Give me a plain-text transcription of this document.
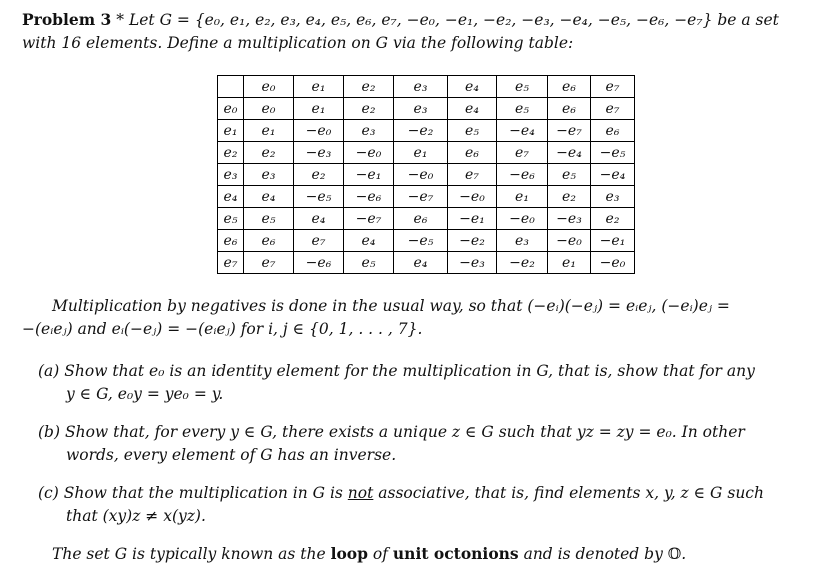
Problem 3 * Let G = {e₀, e₁, e₂, e₃, e₄, e₅, e₆, e₇, −e₀, −e₁, −e₂, −e₃, −e₄, −e₅, −e₆, −e₇} be a set
with 16 elements. Define a multiplication on G via the following table:
	e₀	e₁	e₂	e₃	e₄	e₅	e₆	e₇
e₀	e₀	e₁	e₂	e₃	e₄	e₅	e₆	e₇
e₁	e₁	−e₀	e₃	−e₂	e₅	−e₄	−e₇	e₆
e₂	e₂	−e₃	−e₀	e₁	e₆	e₇	−e₄	−e₅
e₃	e₃	e₂	−e₁	−e₀	e₇	−e₆	e₅	−e₄
e₄	e₄	−e₅	−e₆	−e₇	−e₀	e₁	e₂	e₃
e₅	e₅	e₄	−e₇	e₆	−e₁	−e₀	−e₃	e₂
e₆	e₆	e₇	e₄	−e₅	−e₂	e₃	−e₀	−e₁
e₇	e₇	−e₆	e₅	e₄	−e₃	−e₂	e₁	−e₀
Multiplication by negatives is done in the usual way, so that (−eᵢ)(−eⱼ) = eᵢeⱼ, (−eᵢ)eⱼ =
−(eᵢeⱼ) and eᵢ(−eⱼ) = −(eᵢeⱼ) for i, j ∈ {0, 1, . . . , 7}.
(a) Show that e₀ is an identity element for the multiplication in G, that is, show that for any
y ∈ G, e₀y = ye₀ = y.
(b) Show that, for every y ∈ G, there exists a unique z ∈ G such that yz = zy = e₀. In other
words, every element of G has an inverse.
(c) Show that the multiplication in G is not associative, that is, find elements x, y, z ∈ G such
that (xy)z ≠ x(yz).
The set G is typically known as the loop of unit octonions and is denoted by 𝕆.
